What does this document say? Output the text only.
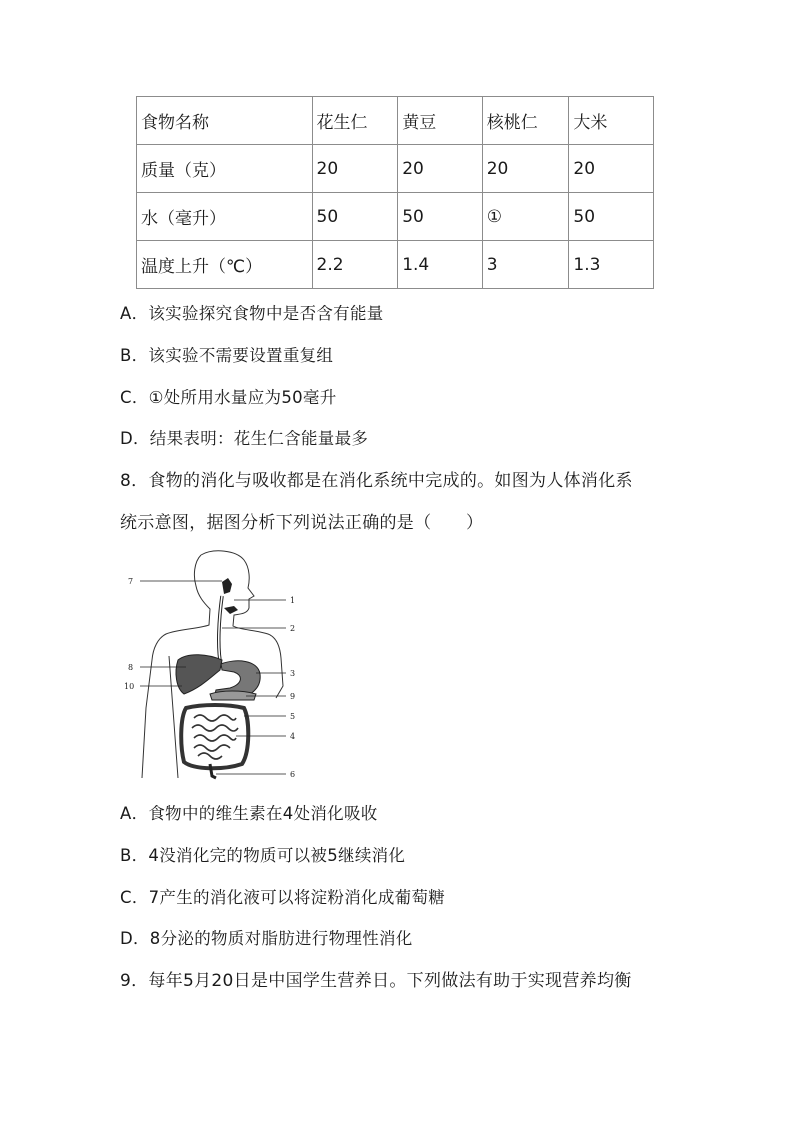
食物名称	花生仁	黄豆	核桃仁	大米
质量（克）	20	20	20	20
水（毫升）	50	50	①	50
温度上升（℃）	2.2	1.4	3	1.3
A．该实验探究食物中是否含有能量
B．该实验不需要设置重复组
C．①处所用水量应为50毫升
D．结果表明：花生仁含能量最多
8．食物的消化与吸收都是在消化系统中完成的。如图为人体消化系
统示意图，据图分析下列说法正确的是（　　）
7
1
2
8
3
10
9
5
4
6
A．食物中的维生素在4处消化吸收
B．4没消化完的物质可以被5继续消化
C．7产生的消化液可以将淀粉消化成葡萄糖
D．8分泌的物质对脂肪进行物理性消化
9．每年5月20日是中国学生营养日。下列做法有助于实现营养均衡
